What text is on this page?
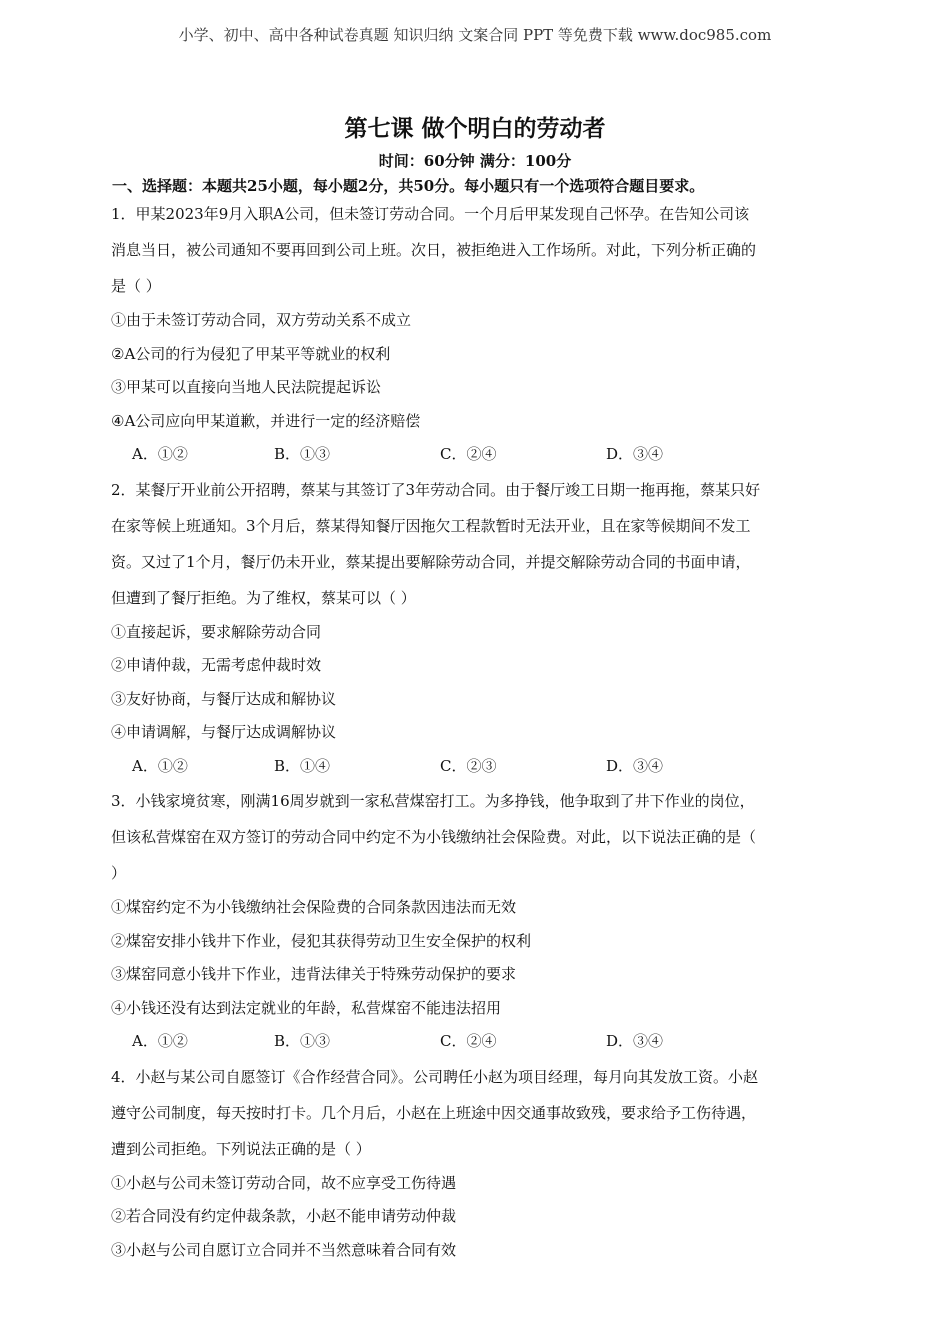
小学、初中、高中各种试卷真题 知识归纳 文案合同 PPT 等免费下载 www.doc985.com
第七课 做个明白的劳动者
时间：60分钟 满分：100分
一、选择题：本题共25小题，每小题2分，共50分。每小题只有一个选项符合题目要求。
1．甲某2023年9月入职A公司，但未签订劳动合同。一个月后甲某发现自己怀孕。在告知公司该
消息当日，被公司通知不要再回到公司上班。次日，被拒绝进入工作场所。对此，下列分析正确的
是（ ）
①由于未签订劳动合同，双方劳动关系不成立
②A公司的行为侵犯了甲某平等就业的权利
③甲某可以直接向当地人民法院提起诉讼
④A公司应向甲某道歉，并进行一定的经济赔偿
A．①②	B．①③	C．②④	D．③④
2．某餐厅开业前公开招聘，蔡某与其签订了3年劳动合同。由于餐厅竣工日期一拖再拖，蔡某只好
在家等候上班通知。3个月后，蔡某得知餐厅因拖欠工程款暂时无法开业，且在家等候期间不发工
资。又过了1个月，餐厅仍未开业，蔡某提出要解除劳动合同，并提交解除劳动合同的书面申请，
但遭到了餐厅拒绝。为了维权，蔡某可以（ ）
①直接起诉，要求解除劳动合同
②申请仲裁，无需考虑仲裁时效
③友好协商，与餐厅达成和解协议
④申请调解，与餐厅达成调解协议
A．①②	B．①④	C．②③	D．③④
3．小钱家境贫寒，刚满16周岁就到一家私营煤窑打工。为多挣钱，他争取到了井下作业的岗位，
但该私营煤窑在双方签订的劳动合同中约定不为小钱缴纳社会保险费。对此，以下说法正确的是（
）
①煤窑约定不为小钱缴纳社会保险费的合同条款因违法而无效
②煤窑安排小钱井下作业，侵犯其获得劳动卫生安全保护的权利
③煤窑同意小钱井下作业，违背法律关于特殊劳动保护的要求
④小钱还没有达到法定就业的年龄，私营煤窑不能违法招用
A．①②	B．①③	C．②④	D．③④
4．小赵与某公司自愿签订《合作经营合同》。公司聘任小赵为项目经理，每月向其发放工资。小赵
遵守公司制度，每天按时打卡。几个月后，小赵在上班途中因交通事故致残，要求给予工伤待遇，
遭到公司拒绝。下列说法正确的是（ ）
①小赵与公司未签订劳动合同，故不应享受工伤待遇
②若合同没有约定仲裁条款，小赵不能申请劳动仲裁
③小赵与公司自愿订立合同并不当然意味着合同有效
